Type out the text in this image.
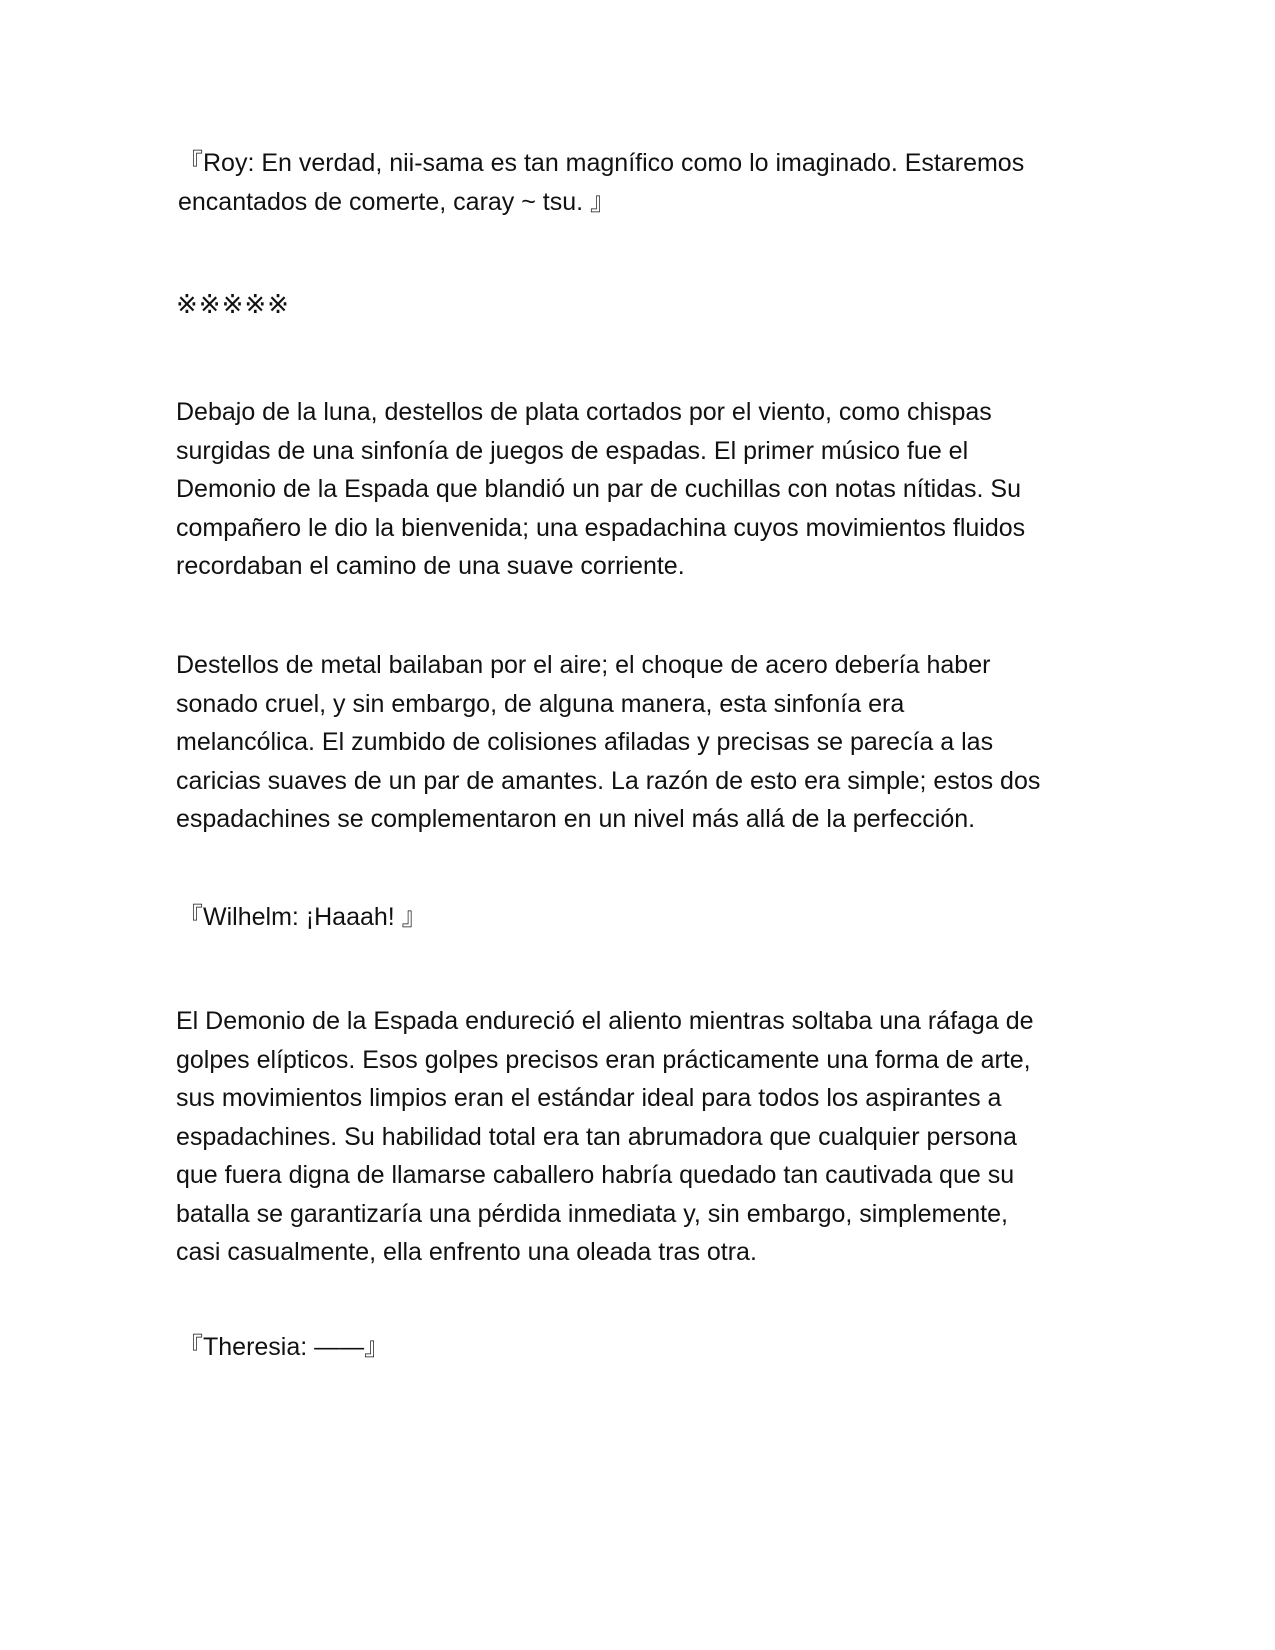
『Roy: En verdad, nii-sama es tan magnífico como lo imaginado. Estaremos
encantados de comerte, caray ~ tsu. 』

※※※※※

Debajo de la luna, destellos de plata cortados por el viento, como chispas
surgidas de una sinfonía de juegos de espadas. El primer músico fue el
Demonio de la Espada que blandió un par de cuchillas con notas nítidas. Su
compañero le dio la bienvenida; una espadachina cuyos movimientos fluidos
recordaban el camino de una suave corriente.

Destellos de metal bailaban por el aire; el choque de acero debería haber
sonado cruel, y sin embargo, de alguna manera, esta sinfonía era
melancólica. El zumbido de colisiones afiladas y precisas se parecía a las
caricias suaves de un par de amantes. La razón de esto era simple; estos dos
espadachines se complementaron en un nivel más allá de la perfección.

『Wilhelm: ¡Haaah! 』

El Demonio de la Espada endureció el aliento mientras soltaba una ráfaga de
golpes elípticos. Esos golpes precisos eran prácticamente una forma de arte,
sus movimientos limpios eran el estándar ideal para todos los aspirantes a
espadachines. Su habilidad total era tan abrumadora que cualquier persona
que fuera digna de llamarse caballero habría quedado tan cautivada que su
batalla se garantizaría una pérdida inmediata y, sin embargo, simplemente,
casi casualmente, ella enfrento una oleada tras otra.

『Theresia: ——』
